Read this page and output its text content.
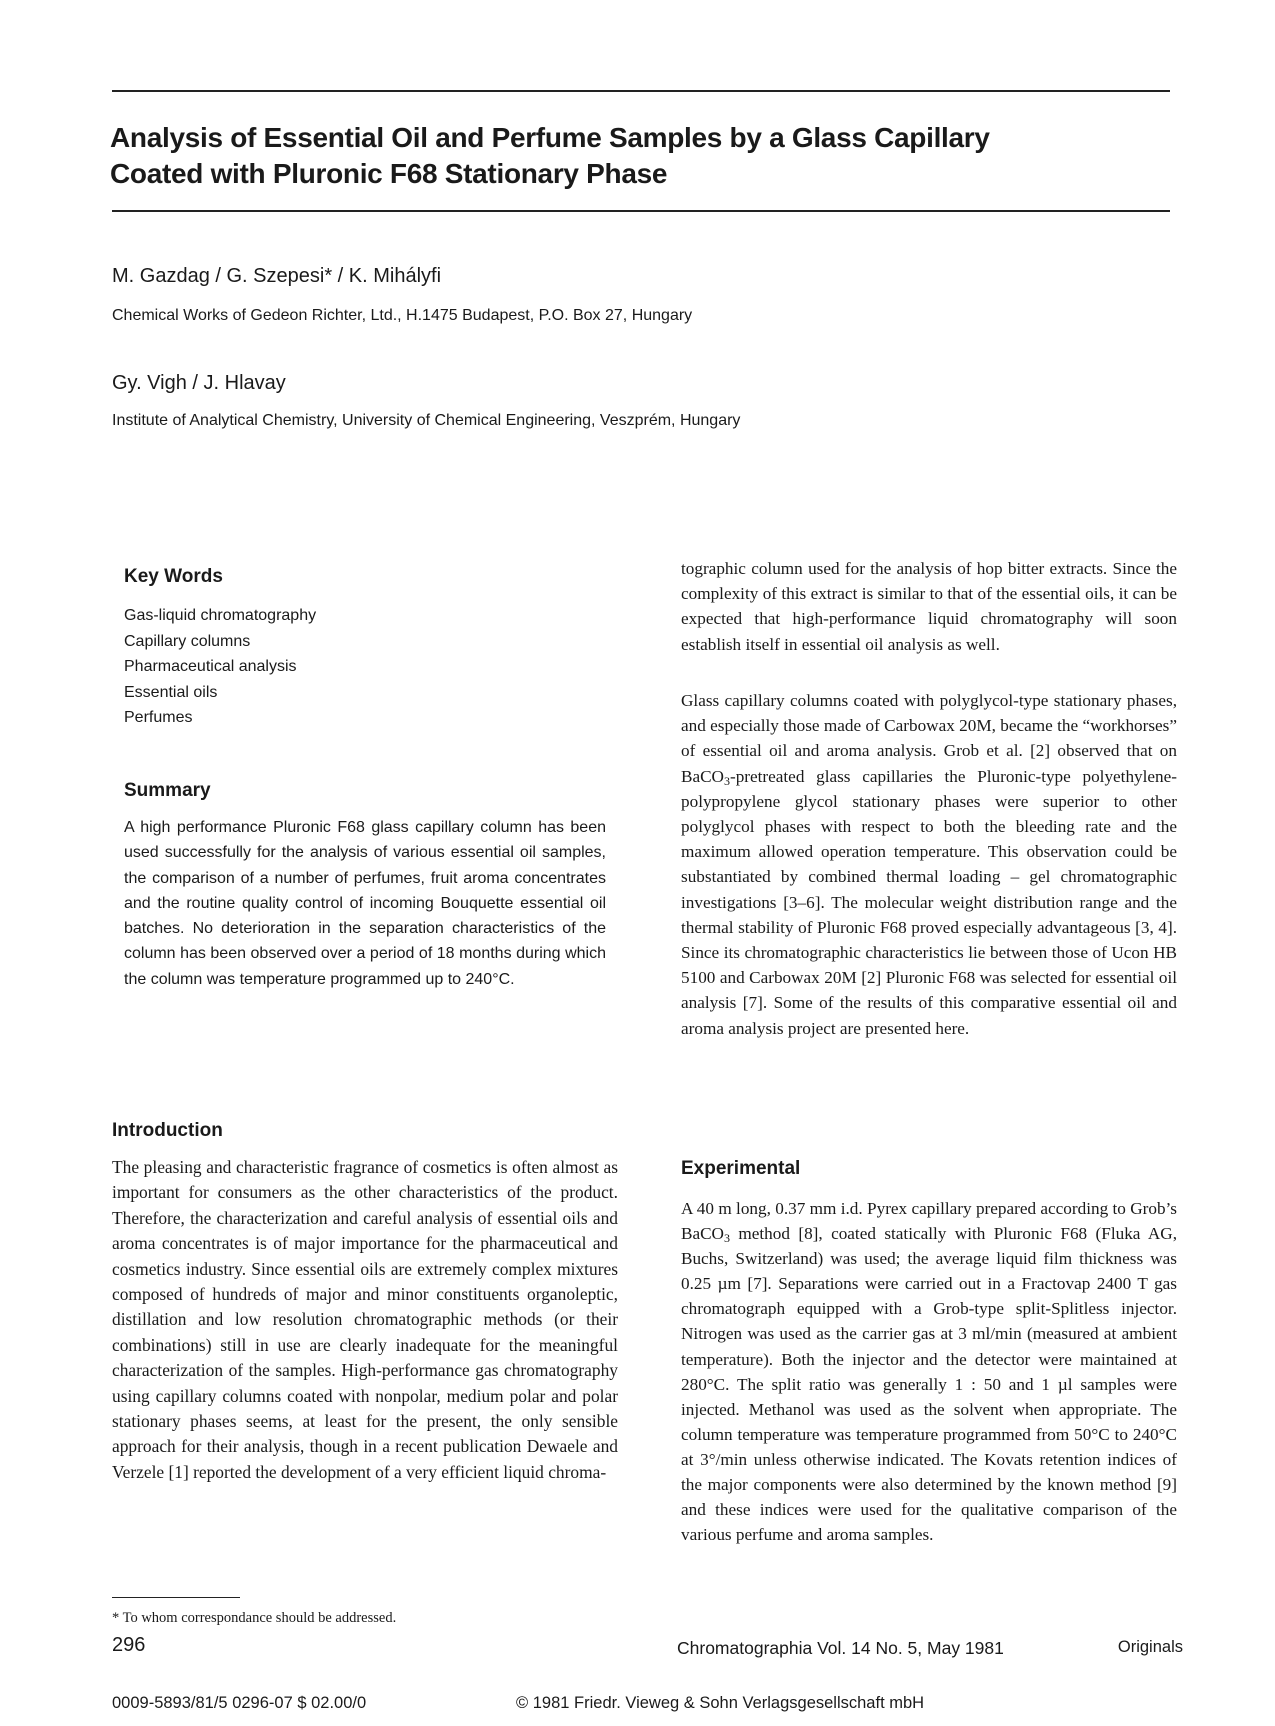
Analysis of Essential Oil and Perfume Samples by a Glass Capillary
Coated with Pluronic F68 Stationary Phase

M. Gazdag / G. Szepesi* / K. Mihályfi

Chemical Works of Gedeon Richter, Ltd., H.1475 Budapest, P.O. Box 27, Hungary

Gy. Vigh / J. Hlavay

Institute of Analytical Chemistry, University of Chemical Engineering, Veszprém, Hungary

Key Words
Gas-liquid chromatography
Capillary columns
Pharmaceutical analysis
Essential oils
Perfumes
Summary

A high performance Pluronic F68 glass capillary column has been used successfully for the analysis of various essential oil samples, the comparison of a number of perfumes, fruit aroma concentrates and the routine quality control of incoming Bouquette essential oil batches. No deterioration in the separation characteristics of the column has been observed over a period of 18 months during which the column was temperature programmed up to 240°C.

Introduction

The pleasing and characteristic fragrance of cosmetics is often almost as important for consumers as the other characteristics of the product. Therefore, the characterization and careful analysis of essential oils and aroma concentrates is of major importance for the pharmaceutical and cosmetics industry. Since essential oils are extremely complex mixtures composed of hundreds of major and minor constituents organoleptic, distillation and low resolution chromatographic methods (or their combinations) still in use are clearly inadequate for the meaningful characterization of the samples. High-performance gas chromatography using capillary columns coated with nonpolar, medium polar and polar stationary phases seems, at least for the present, the only sensible approach for their analysis, though in a recent publication Dewaele and Verzele [1] reported the development of a very efficient liquid chroma-

* To whom correspondance should be addressed.

tographic column used for the analysis of hop bitter extracts. Since the complexity of this extract is similar to that of the essential oils, it can be expected that high-performance liquid chromatography will soon establish itself in essential oil analysis as well.

Glass capillary columns coated with polyglycol-type stationary phases, and especially those made of Carbowax 20M, became the “workhorses” of essential oil and aroma analysis. Grob et al. [2] observed that on BaCO$_3$-pretreated glass capillaries the Pluronic-type polyethylene-polypropylene glycol stationary phases were superior to other polyglycol phases with respect to both the bleeding rate and the maximum allowed operation temperature. This observation could be substantiated by combined thermal loading – gel chromatographic investigations [3–6]. The molecular weight distribution range and the thermal stability of Pluronic F68 proved especially advantageous [3, 4]. Since its chromatographic characteristics lie between those of Ucon HB 5100 and Carbowax 20M [2] Pluronic F68 was selected for essential oil analysis [7]. Some of the results of this comparative essential oil and aroma analysis project are presented here.

Experimental

A 40 m long, 0.37 mm i.d. Pyrex capillary prepared according to Grob’s BaCO$_3$ method [8], coated statically with Pluronic F68 (Fluka AG, Buchs, Switzerland) was used; the average liquid film thickness was 0.25 µm [7]. Separations were carried out in a Fractovap 2400 T gas chromatograph equipped with a Grob-type split-Splitless injector. Nitrogen was used as the carrier gas at 3 ml/min (measured at ambient temperature). Both the injector and the detector were maintained at 280°C. The split ratio was generally 1 : 50 and 1 µl samples were injected. Methanol was used as the solvent when appropriate. The column temperature was temperature programmed from 50°C to 240°C at 3°/min unless otherwise indicated. The Kovats retention indices of the major components were also determined by the known method [9] and these indices were used for the qualitative comparison of the various perfume and aroma samples.

296	Chromatographia Vol. 14 No. 5, May 1981	Originals

0009-5893/81/5 0296-07 $ 02.00/0	© 1981 Friedr. Vieweg & Sohn Verlagsgesellschaft mbH
